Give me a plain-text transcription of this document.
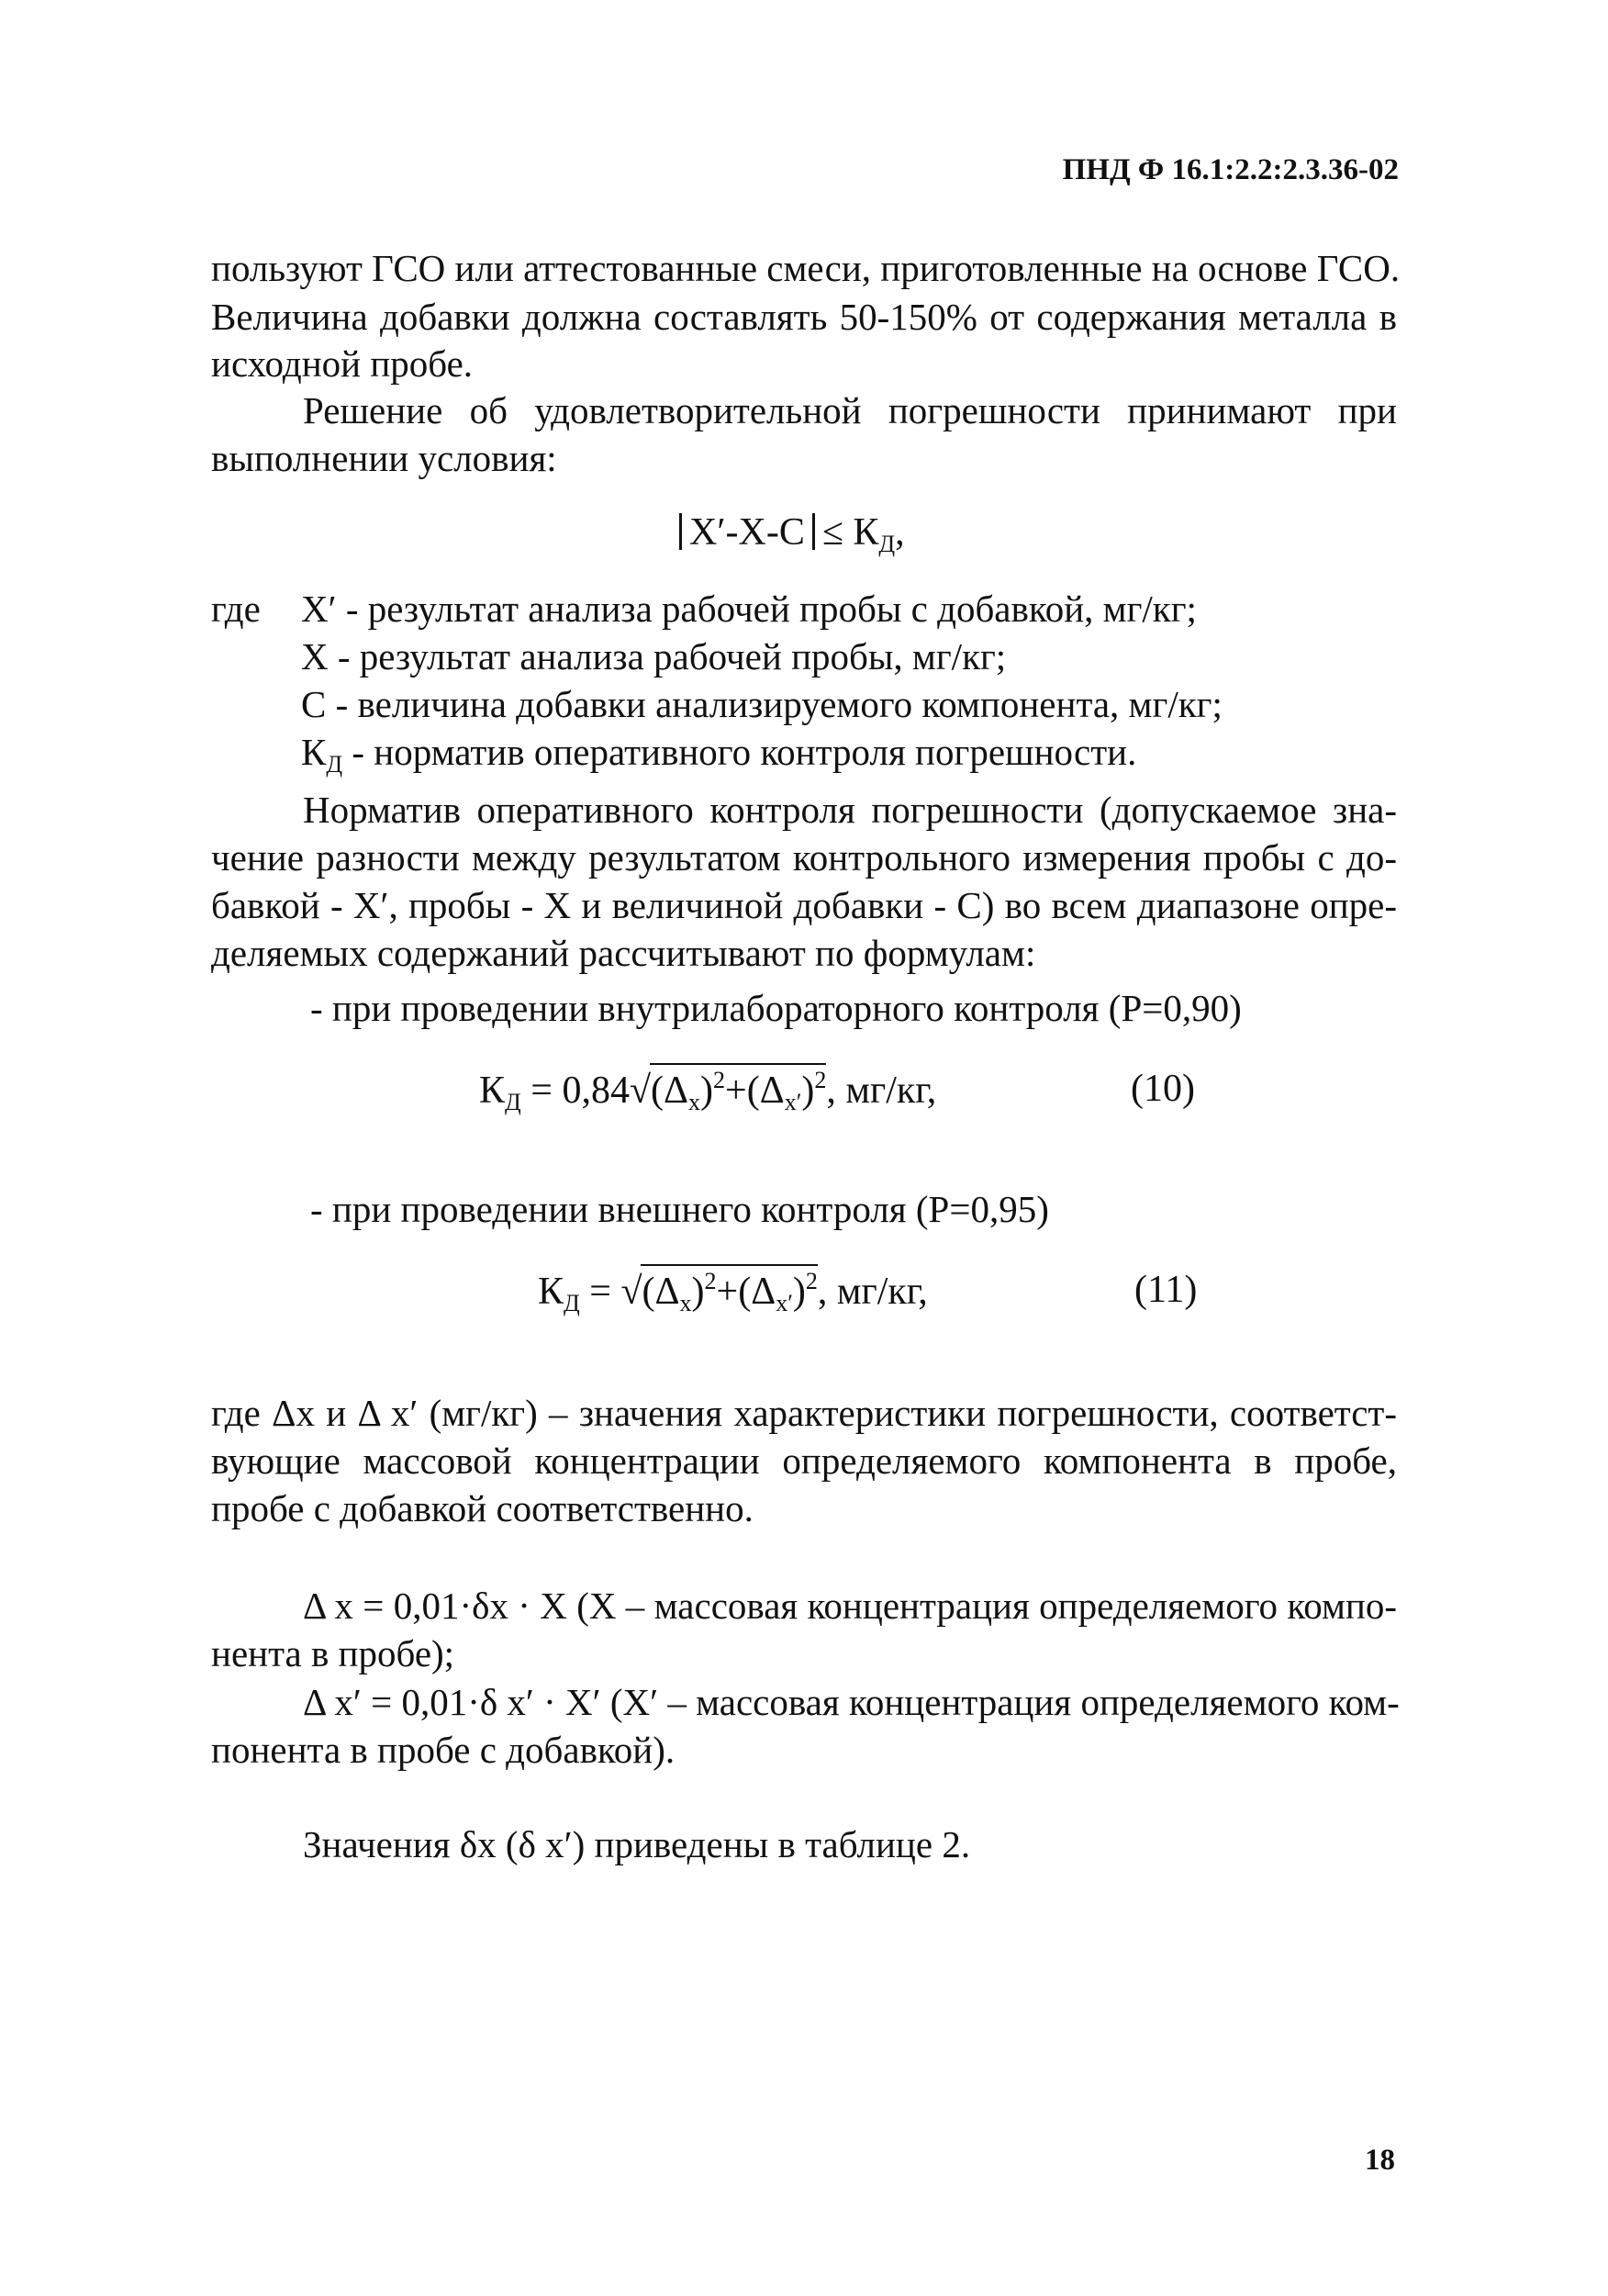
ПНД Ф 16.1:2.2:2.3.36-02
пользуют ГСО или аттестованные смеси, приготовленные на основе ГСО.
Величина добавки должна составлять 50-150% от содержания металла в
исходной пробе.
Решение об удовлетворительной погрешности принимают при
выполнении условия:
$X'-X-C \le К_Д$,
где X′ - результат анализа рабочей пробы с добавкой, мг/кг;
X - результат анализа рабочей пробы, мг/кг;
C - величина добавки анализируемого компонента, мг/кг;
$К_Д$ - норматив оперативного контроля погрешности.
Норматив оперативного контроля погрешности (допускаемое зна-
чение разности между результатом контрольного измерения пробы с до-
бавкой - X′, пробы - X и величиной добавки - C) во всем диапазоне опре-
деляемых содержаний рассчитывают по формулам:
- при проведении внутрилабораторного контроля (P=0,90)
$К_Д = 0,84√$
$(\Delta_x)^2+(\Delta_{x'})^2$, мг/кг,	(10)
- при проведении внешнего контроля (P=0,95)
$К_Д$ = √
$(\Delta_x)^2+(\Delta_{x'})^2$, мг/кг,	(11)
где Δx и Δ x′ (мг/кг) – значения характеристики погрешности, соответст-
вующие массовой концентрации определяемого компонента в пробе,
пробе с добавкой соответственно.
Δ x = 0,01·δx · X (X – массовая концентрация определяемого компо-
нента в пробе);
Δ x′ = 0,01·δ x′ · X′ (X′ – массовая концентрация определяемого ком-
понента в пробе с добавкой).
Значения δx (δ x′) приведены в таблице 2.
18
